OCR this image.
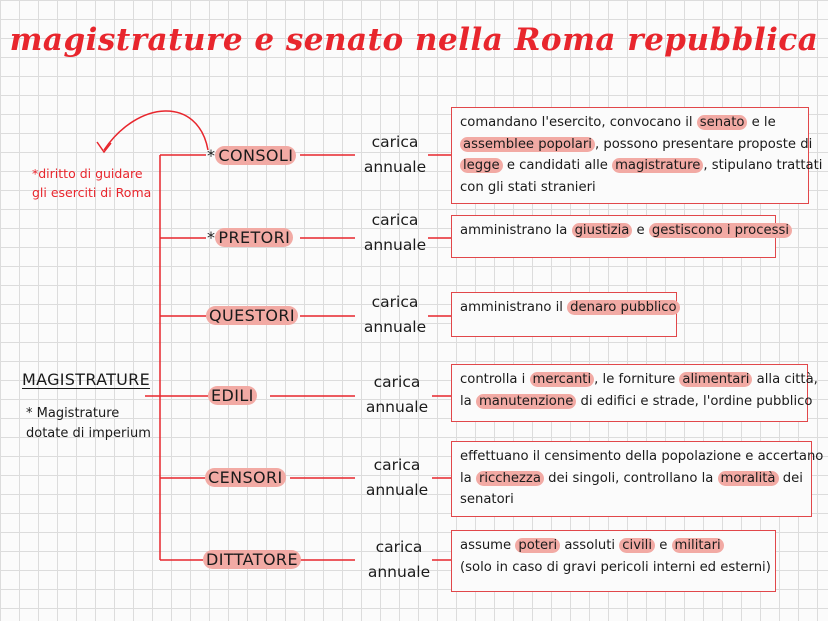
magistrature e senato nella Roma repubblica
*diritto di guidare
gli eserciti di Roma
MAGISTRATURE
* Magistrature
dotate di imperium
* CONSOLI
* PRETORI
QUESTORI
EDILI
CENSORI
DITTATORE
carica
annuale
carica
annuale
carica
annuale
carica
annuale
carica
annuale
carica
annuale
comandano l'esercito, convocano il senato e le
assemblee popolari , possono presentare proposte di
legge e candidati alle magistrature , stipulano trattati
con gli stati stranieri
amministrano la giustizia e gestiscono i processi
amministrano il denaro pubblico
controlla i mercanti , le forniture alimentari alla città,
la manutenzione di edifici e strade, l'ordine pubblico
effettuano il censimento della popolazione e accertano
la ricchezza dei singoli, controllano la moralità dei
senatori
assume poteri assoluti civili e militari
(solo in caso di gravi pericoli interni ed esterni)
